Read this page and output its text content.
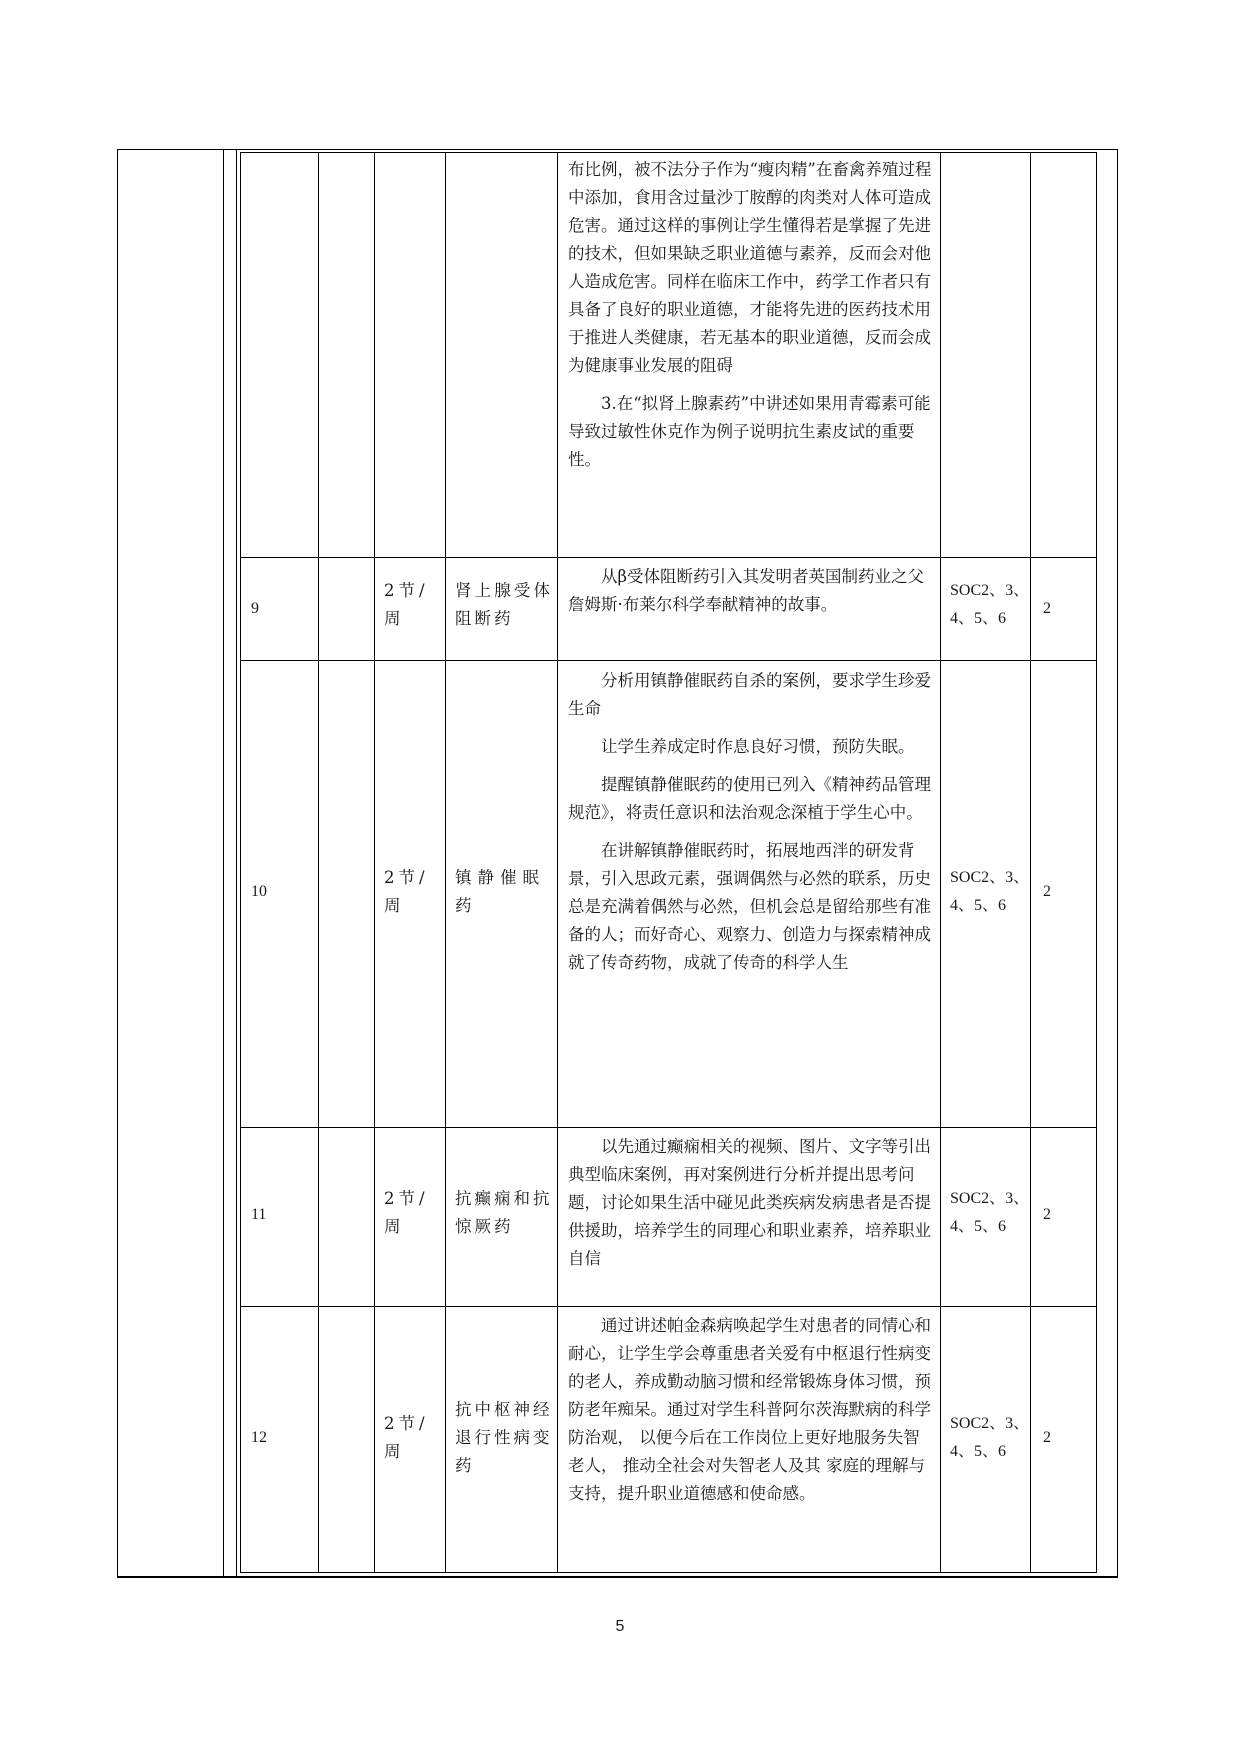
布比例，被不法分子作为“瘦肉精”在畜禽养殖过程中添加，食用含过量沙丁胺醇的肉类对人体可造成危害。通过这样的事例让学生懂得若是掌握了先进的技术，但如果缺乏职业道德与素养，反而会对他人造成危害。同样在临床工作中，药学工作者只有具备了良好的职业道德，才能将先进的医药技术用于推进人类健康，若无基本的职业道德，反而会成为健康事业发展的阻碍

3.在“拟肾上腺素药”中讲述如果用青霉素可能导致过敏性休克作为例子说明抗生素皮试的重要性。

9
2节/周
肾上腺受体阻断药

从β受体阻断药引入其发明者英国制药业之父詹姆斯·布莱尔科学奉献精神的故事。

SOC2、3、4、5、6
2
10
2节/周
镇静催眠药

分析用镇静催眠药自杀的案例，要求学生珍爱生命

让学生养成定时作息良好习惯，预防失眠。

提醒镇静催眠药的使用已列入《精神药品管理规范》，将责任意识和法治观念深植于学生心中。

在讲解镇静催眠药时，拓展地西泮的研发背景，引入思政元素，强调偶然与必然的联系，历史总是充满着偶然与必然，但机会总是留给那些有准备的人；而好奇心、观察力、创造力与探索精神成就了传奇药物，成就了传奇的科学人生

SOC2、3、4、5、6
2
11
2节/周
抗癫痫和抗惊厥药

以先通过癫痫相关的视频、图片、文字等引出典型临床案例，再对案例进行分析并提出思考问题，讨论如果生活中碰见此类疾病发病患者是否提供援助，培养学生的同理心和职业素养，培养职业自信

SOC2、3、4、5、6
2
12
2节/周
抗中枢神经退行性病变药

通过讲述帕金森病唤起学生对患者的同情心和耐心，让学生学会尊重患者关爱有中枢退行性病变的老人，养成勤动脑习惯和经常锻炼身体习惯，预防老年痴呆。通过对学生科普阿尔茨海默病的科学防治观， 以便今后在工作岗位上更好地服务失智老人， 推动全社会对失智老人及其 家庭的理解与支持，提升职业道德感和使命感。

SOC2、3、4、5、6
2
5
